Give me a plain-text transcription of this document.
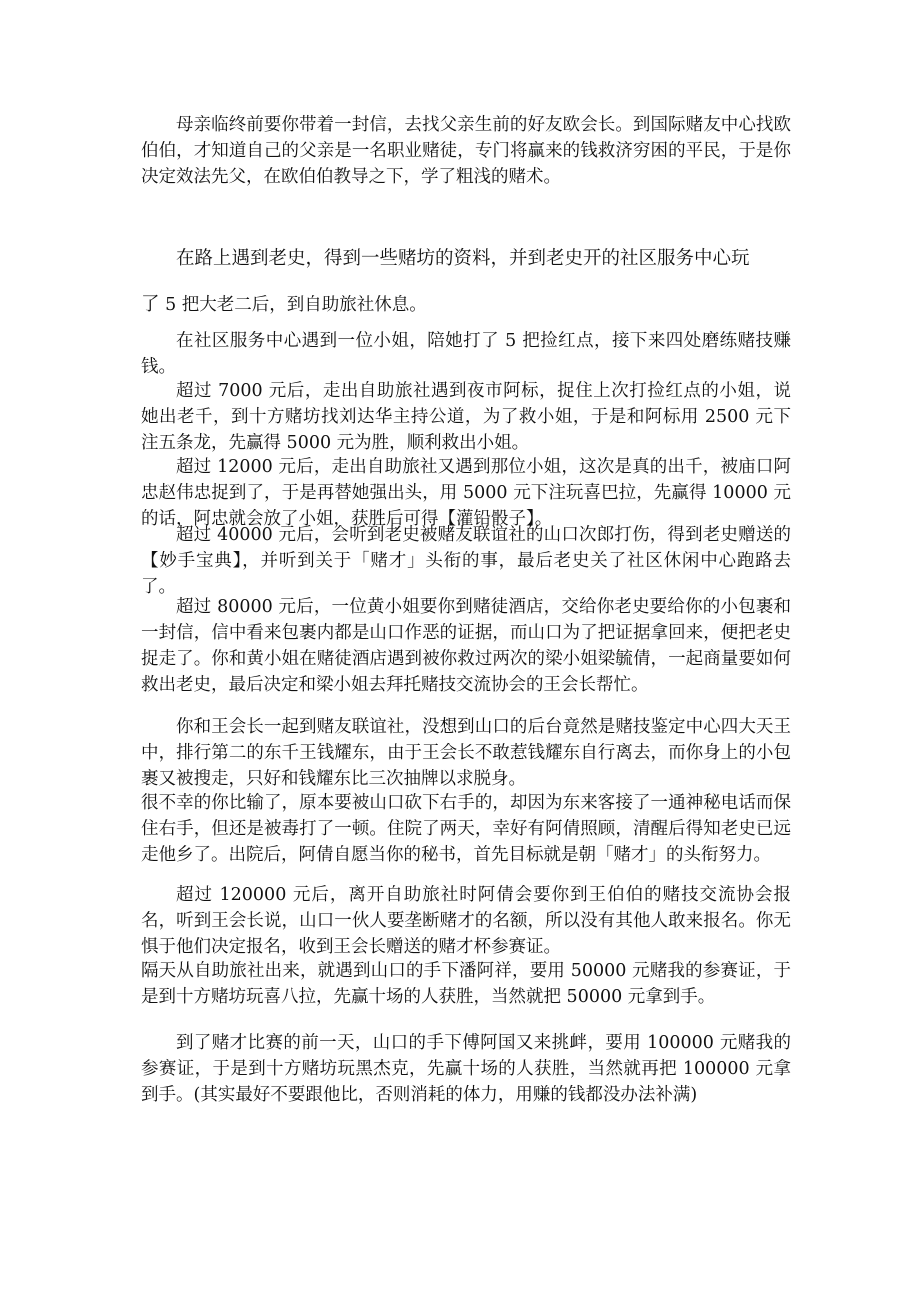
母亲临终前要你带着一封信，去找父亲生前的好友欧会长。到国际赌友中心找欧伯伯，才知道自己的父亲是一名职业赌徒，专门将赢来的钱救济穷困的平民，于是你决定效法先父，在欧伯伯教导之下，学了粗浅的赌术。

在路上遇到老史，得到一些赌坊的资料，并到老史开的社区服务中心玩

了 5 把大老二后，到自助旅社休息。

在社区服务中心遇到一位小姐，陪她打了 5 把捡红点，接下来四处磨练赌技赚钱。

超过 7000 元后，走出自助旅社遇到夜市阿标，捉住上次打捡红点的小姐，说她出老千，到十方赌坊找刘达华主持公道，为了救小姐，于是和阿标用 2500 元下注五条龙，先赢得 5000 元为胜，顺利救出小姐。

超过 12000 元后，走出自助旅社又遇到那位小姐，这次是真的出千，被庙口阿忠赵伟忠捉到了，于是再替她强出头，用 5000 元下注玩喜巴拉，先赢得 10000 元的话，阿忠就会放了小姐，获胜后可得【灌铅骰子】。

超过 40000 元后，会听到老史被赌友联谊社的山口次郎打伤，得到老史赠送的【妙手宝典】，并听到关于「赌才」头衔的事，最后老史关了社区休闲中心跑路去了。

超过 80000 元后，一位黄小姐要你到赌徒酒店，交给你老史要给你的小包裹和一封信，信中看来包裹内都是山口作恶的证据，而山口为了把证据拿回来，便把老史捉走了。你和黄小姐在赌徒酒店遇到被你救过两次的梁小姐梁毓倩，一起商量要如何救出老史，最后决定和梁小姐去拜托赌技交流协会的王会长帮忙。

你和王会长一起到赌友联谊社，没想到山口的后台竟然是赌技鉴定中心四大天王中，排行第二的东千王钱耀东，由于王会长不敢惹钱耀东自行离去，而你身上的小包裹又被搜走，只好和钱耀东比三次抽牌以求脱身。

很不幸的你比输了，原本要被山口砍下右手的，却因为东来客接了一通神秘电话而保住右手，但还是被毒打了一顿。住院了两天，幸好有阿倩照顾，清醒后得知老史已远走他乡了。出院后，阿倩自愿当你的秘书，首先目标就是朝「赌才」的头衔努力。

超过 120000 元后，离开自助旅社时阿倩会要你到王伯伯的赌技交流协会报名，听到王会长说，山口一伙人要垄断赌才的名额，所以没有其他人敢来报名。你无惧于他们决定报名，收到王会长赠送的赌才杯参赛证。

隔天从自助旅社出来，就遇到山口的手下潘阿祥，要用 50000 元赌我的参赛证，于是到十方赌坊玩喜八拉，先赢十场的人获胜，当然就把 50000 元拿到手。

到了赌才比赛的前一天，山口的手下傅阿国又来挑衅，要用 100000 元赌我的参赛证，于是到十方赌坊玩黑杰克，先赢十场的人获胜，当然就再把 100000 元拿到手。(其实最好不要跟他比，否则消耗的体力，用赚的钱都没办法补满)
